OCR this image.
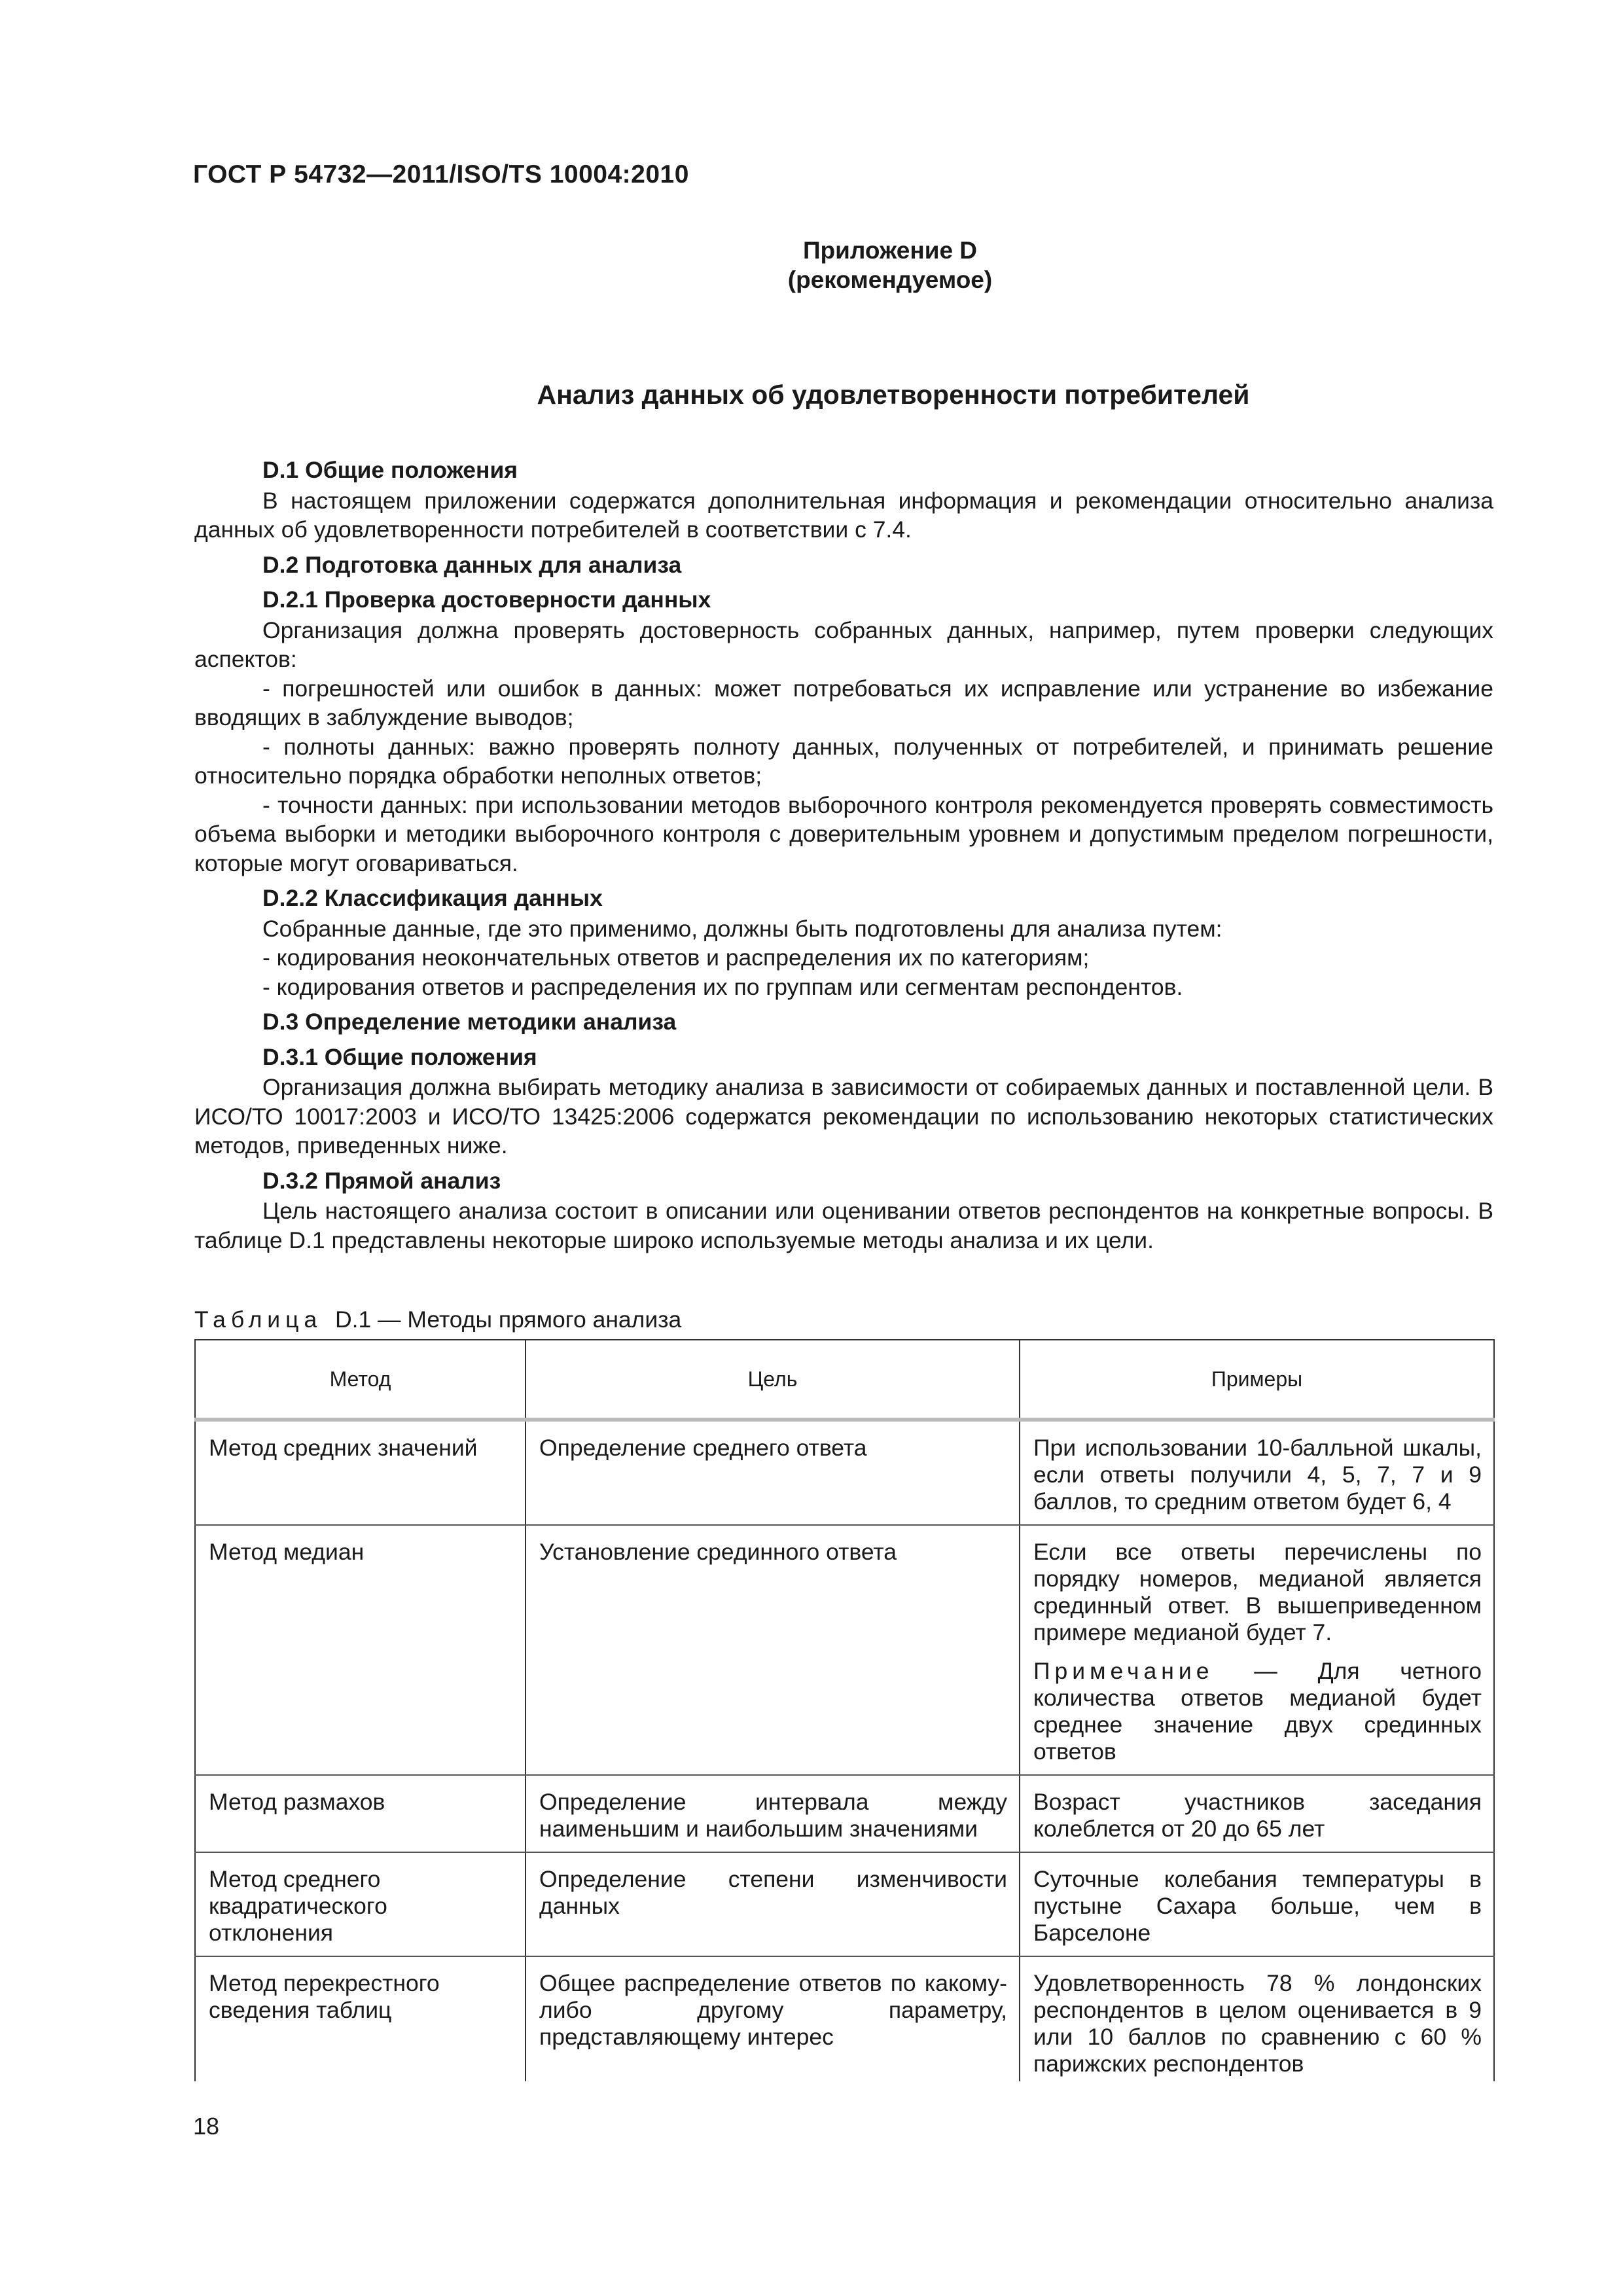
ГОСТ Р 54732—2011/ISO/TS 10004:2010
Приложение D
(рекомендуемое)
Анализ данных об удовлетворенности потребителей

D.1 Общие положения

В настоящем приложении содержатся дополнительная информация и рекомендации относительно анализа данных об удовлетворенности потребителей в соответствии с 7.4.

D.2 Подготовка данных для анализа

D.2.1 Проверка достоверности данных

Организация должна проверять достоверность собранных данных, например, путем проверки следующих аспектов:

- погрешностей или ошибок в данных: может потребоваться их исправление или устранение во избежание вводящих в заблуждение выводов;

- полноты данных: важно проверять полноту данных, полученных от потребителей, и принимать решение относительно порядка обработки неполных ответов;

- точности данных: при использовании методов выборочного контроля рекомендуется проверять совместимость объема выборки и методики выборочного контроля с доверительным уровнем и допустимым пределом погрешности, которые могут оговариваться.

D.2.2 Классификация данных

Собранные данные, где это применимо, должны быть подготовлены для анализа путем:

- кодирования неокончательных ответов и распределения их по категориям;

- кодирования ответов и распределения их по группам или сегментам респондентов.

D.3 Определение методики анализа

D.3.1 Общие положения

Организация должна выбирать методику анализа в зависимости от собираемых данных и поставленной цели. В ИСО/ТО 10017:2003 и ИСО/ТО 13425:2006 содержатся рекомендации по использованию некоторых статистических методов, приведенных ниже.

D.3.2 Прямой анализ

Цель настоящего анализа состоит в описании или оценивании ответов респондентов на конкретные вопросы. В таблице D.1 представлены некоторые широко используемые методы анализа и их цели.

Таблица D.1 — Методы прямого анализа
Метод	Цель	Примеры
Метод средних значений	Определение среднего ответа	При использовании 10-балльной шкалы, если ответы получили 4, 5, 7, 7 и 9 баллов, то средним ответом будет 6, 4

Метод медиан	Установление срединного ответа	Если все ответы перечислены по порядку номеров, медианой является срединный ответ. В вышеприведенном примере медианой будет 7.
Примечание — Для четного количества ответов медианой будет среднее значение двух срединных ответов

Метод размахов	Определение интервала между наименьшим и наибольшим значениями	Возраст участников заседания колеблется от 20 до 65 лет

Метод среднего квадратического отклонения	Определение степени изменчивости данных	Суточные колебания температуры в пустыне Сахара больше, чем в Барселоне

Метод перекрестного сведения таблиц	Общее распределение ответов по какому-либо другому параметру, представляющему интерес	Удовлетворенность 78 % лондонских респондентов в целом оценивается в 9 или 10 баллов по сравнению с 60 % парижских респондентов
18
